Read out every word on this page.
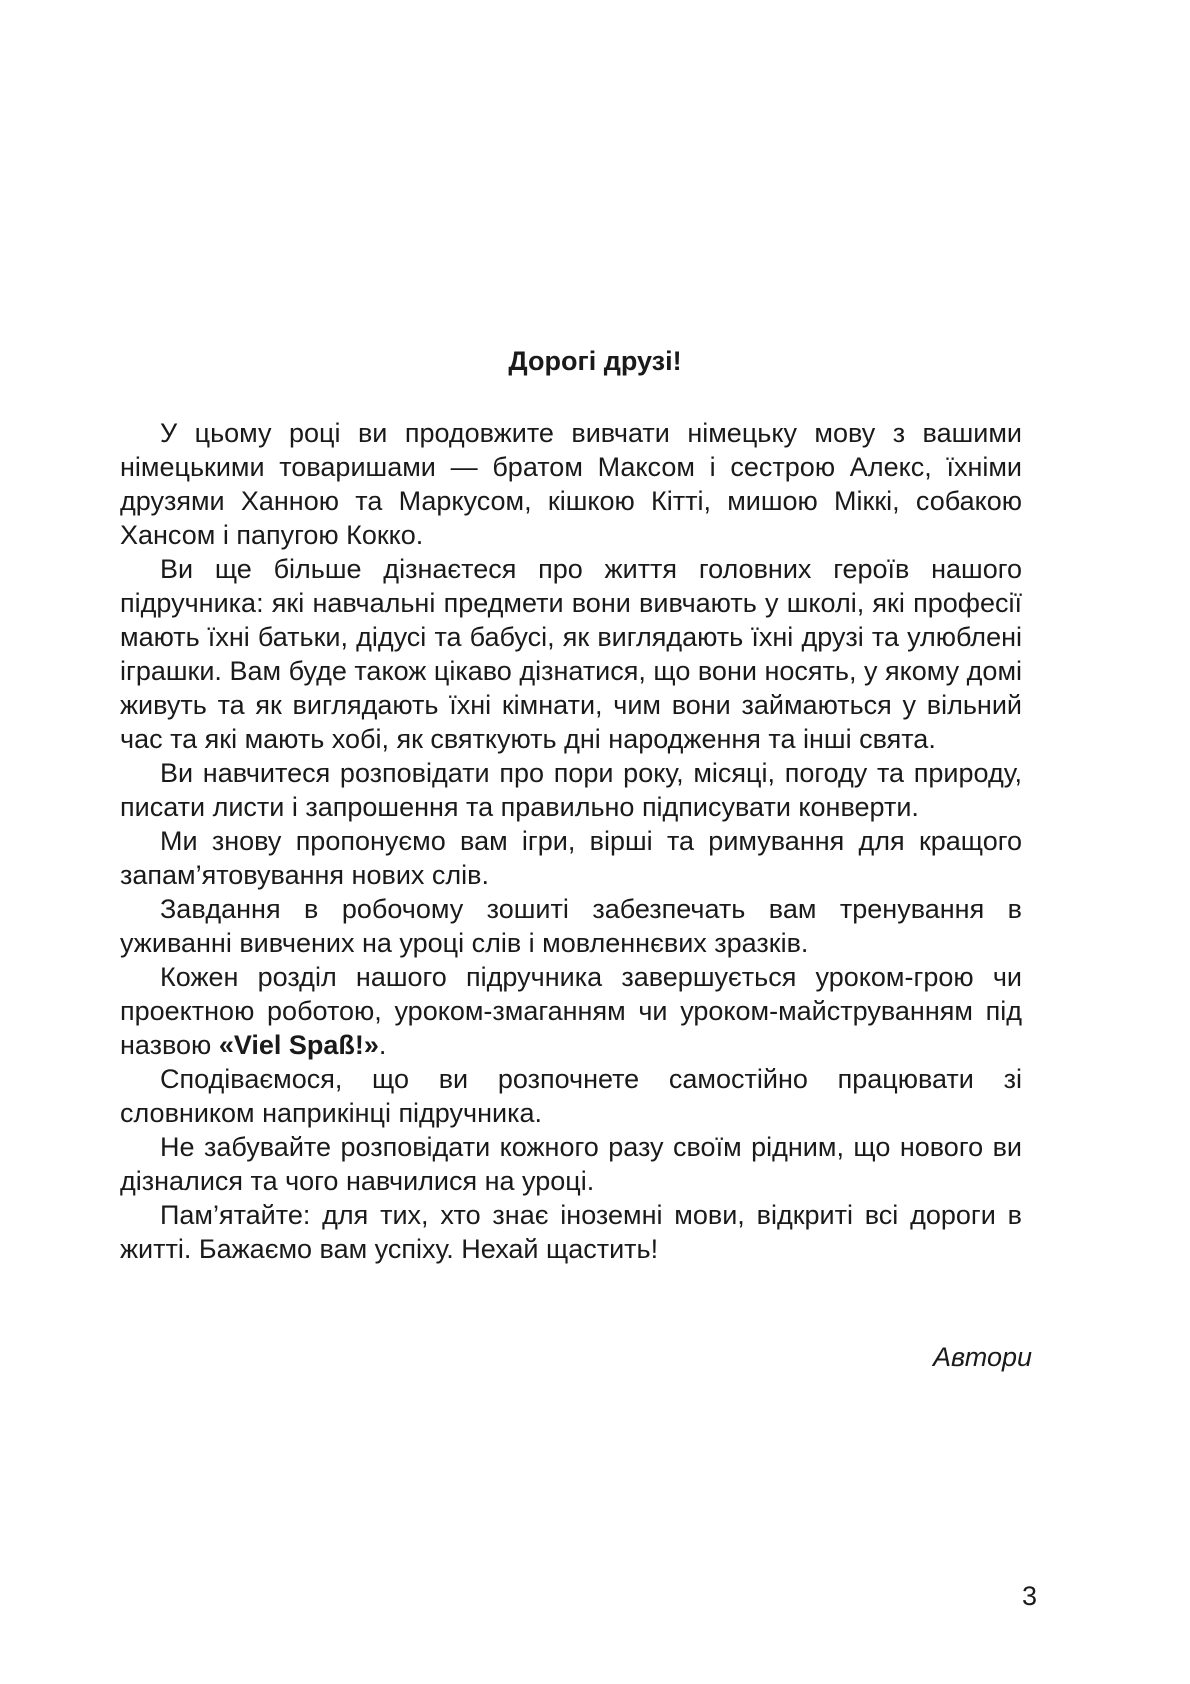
Дорогі друзі!

У цьому році ви продовжите вивчати німецьку мову з вашими німецькими товаришами — братом Максом і сестрою Алекс, їхніми друзями Ханною та Маркусом, кішкою Кітті, мишою Міккі, собакою Хансом і папугою Кокко.

Ви ще більше дізнаєтеся про життя головних героїв нашого підручника: які навчальні предмети вони вивчають у школі, які професії мають їхні батьки, дідусі та бабусі, як виглядають їхні друзі та улюблені іграшки. Вам буде також цікаво дізнатися, що вони носять, у якому домі живуть та як виглядають їхні кімнати, чим вони займаються у вільний час та які мають хобі, як святкують дні народження та інші свята.

Ви навчитеся розповідати про пори року, місяці, погоду та природу, писати листи і запрошення та правильно підписувати конверти.

Ми знову пропонуємо вам ігри, вірші та римування для кращого запам’ятовування нових слів.

Завдання в робочому зошиті забезпечать вам тренування в уживанні вивчених на уроці слів і мовленнєвих зразків.

Кожен розділ нашого підручника завершується уроком-грою чи проектною роботою, уроком-змаганням чи уроком-майструванням під назвою «Viel Spaß!».

Сподіваємося, що ви розпочнете самостійно працювати зі словником наприкінці підручника.

Не забувайте розповідати кожного разу своїм рідним, що нового ви дізналися та чого навчилися на уроці.

Пам’ятайте: для тих, хто знає іноземні мови, відкриті всі дороги в житті. Бажаємо вам успіху. Нехай щастить!

Автори
3
